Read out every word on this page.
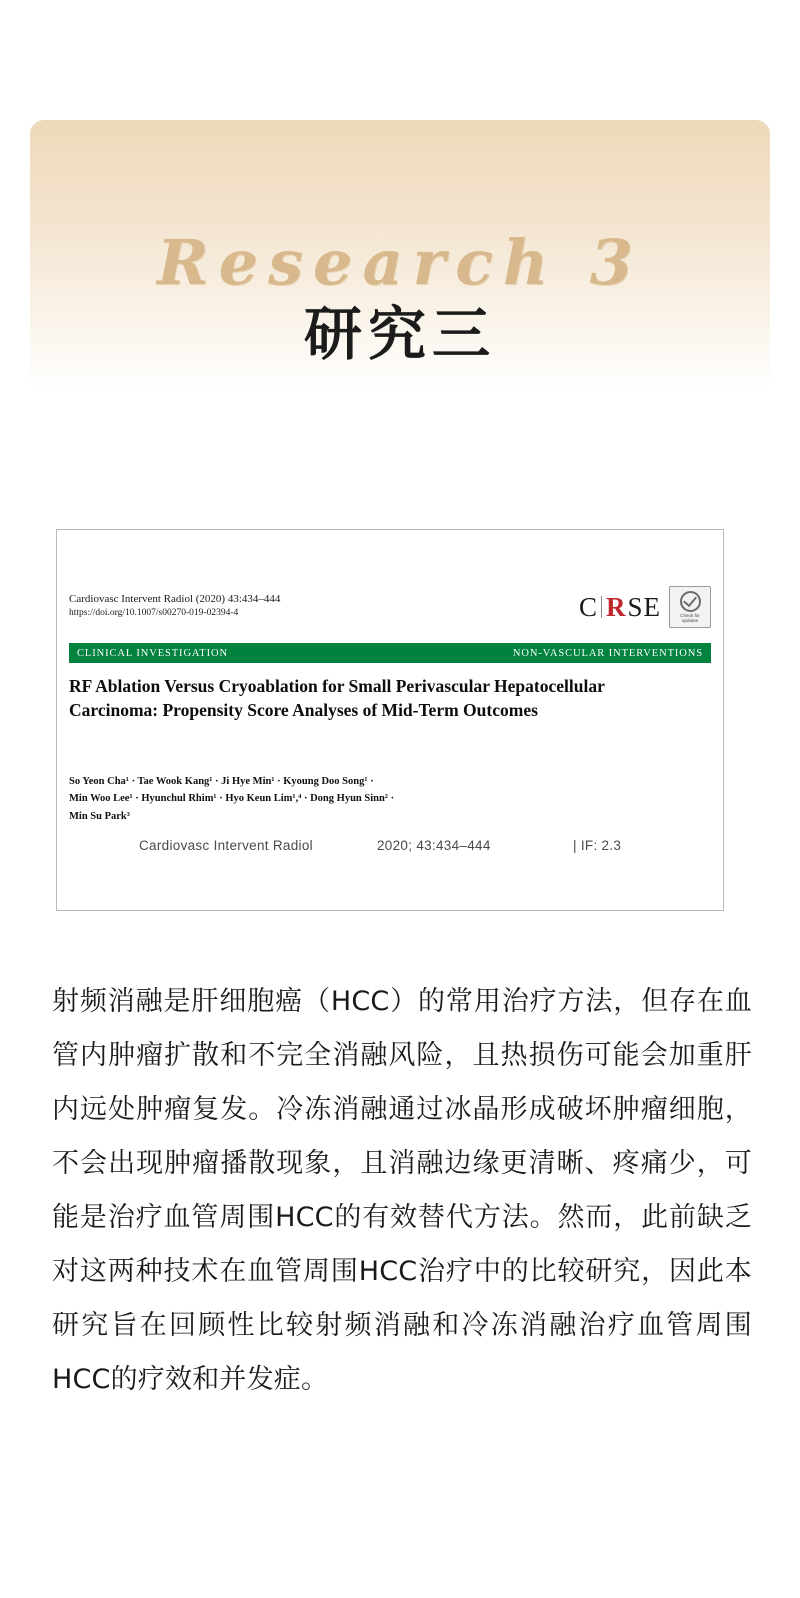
Research 3
研究三
Cardiovasc Intervent Radiol (2020) 43:434–444
https://doi.org/10.1007/s00270-019-02394-4	C R SE	Check for
updates
CLINICAL INVESTIGATION	NON-VASCULAR INTERVENTIONS
RF Ablation Versus Cryoablation for Small Perivascular Hepatocellular Carcinoma: Propensity Score Analyses of Mid-Term Outcomes
So Yeon Cha¹ · Tae Wook Kang¹ · Ji Hye Min¹ · Kyoung Doo Song¹ ·
Min Woo Lee¹ · Hyunchul Rhim¹ · Hyo Keun Lim¹,⁴ · Dong Hyun Sinn² ·
Min Su Park³
Cardiovasc Intervent Radiol	2020; 43:434–444	| IF: 2.3
射频消融是肝细胞癌（HCC）的常用治疗方法，但存在血管内肿瘤扩散和不完全消融风险，且热损伤可能会加重肝内远处肿瘤复发。冷冻消融通过冰晶形成破坏肿瘤细胞，不会出现肿瘤播散现象，且消融边缘更清晰、疼痛少，可能是治疗血管周围HCC的有效替代方法。然而，此前缺乏对这两种技术在血管周围HCC治疗中的比较研究，因此本研究旨在回顾性比较射频消融和冷冻消融治疗血管周围HCC的疗效和并发症。
